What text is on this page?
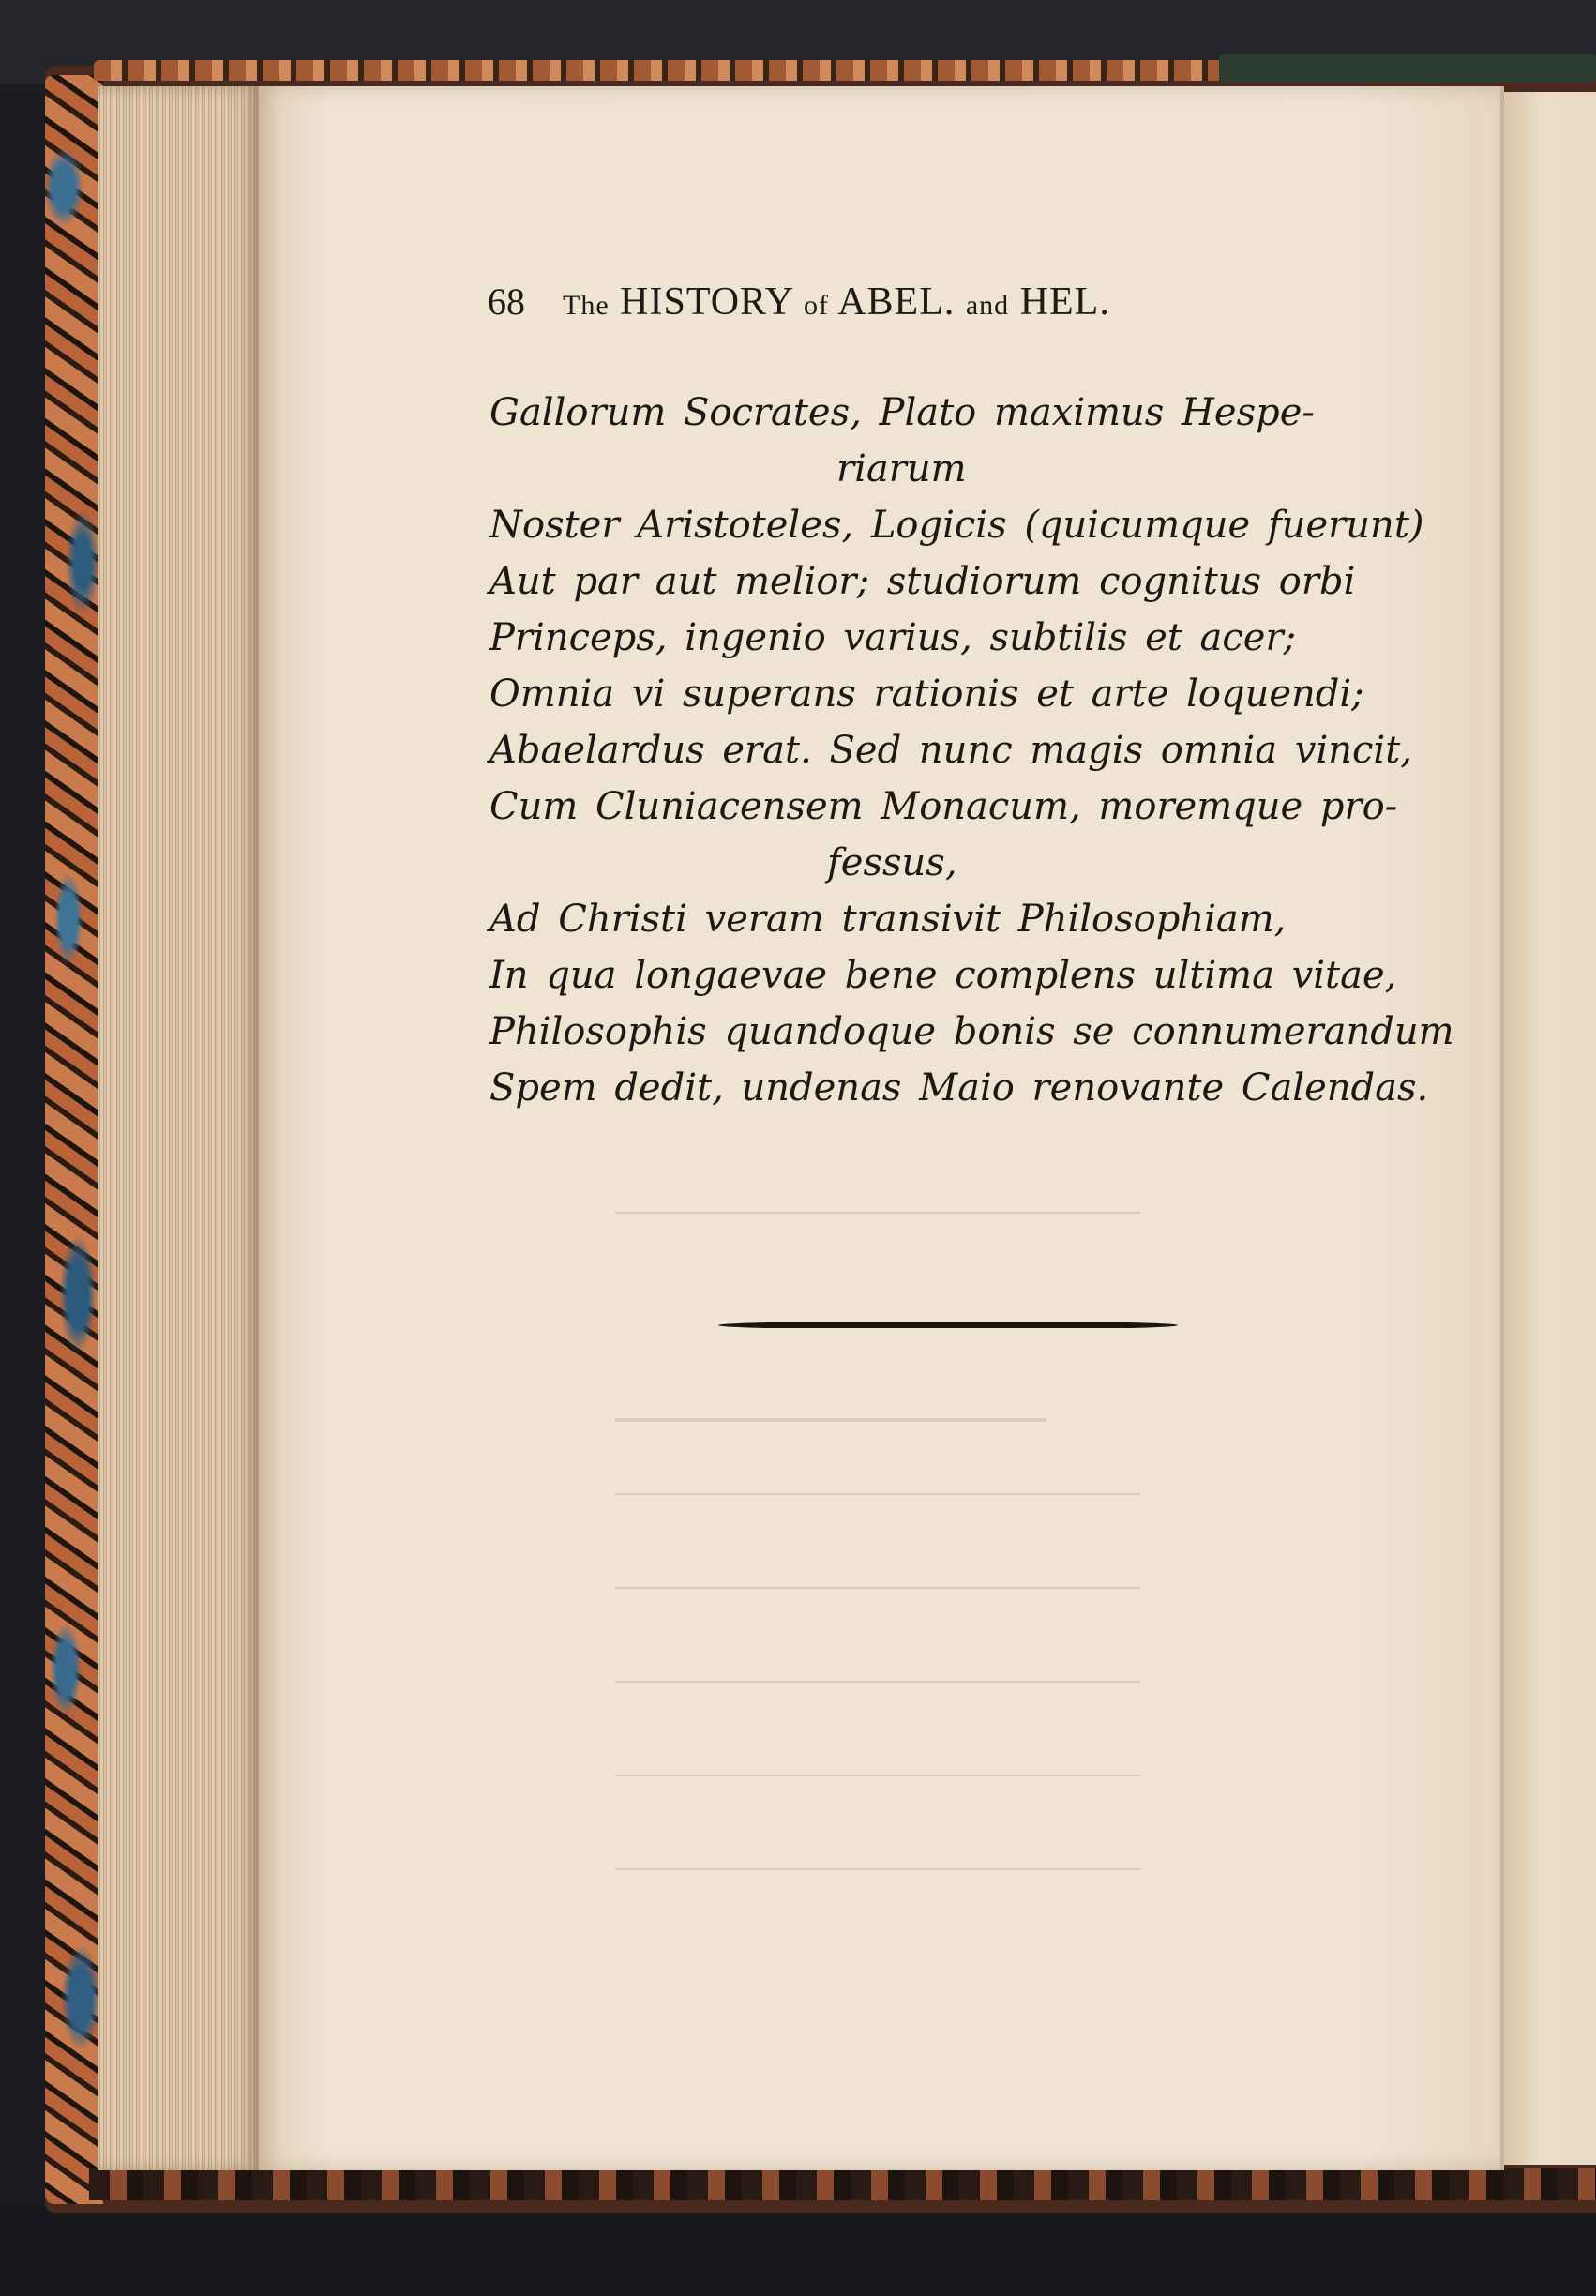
68 The HISTORY of ABEL. and HEL.
Gallorum Socrates, Plato maximus Hespe-
riarum
Noster Aristoteles, Logicis (quicumque fuerunt)
Aut par aut melior; studiorum cognitus orbi
Princeps, ingenio varius, subtilis et acer;
Omnia vi superans rationis et arte loquendi;
Abaelardus erat. Sed nunc magis omnia vincit,
Cum Cluniacensem Monacum, moremque pro-
fessus,
Ad Christi veram transivit Philosophiam,
In qua longaevae bene complens ultima vitae,
Philosophis quandoque bonis se connumerandum
Spem dedit, undenas Maio renovante Calendas.
